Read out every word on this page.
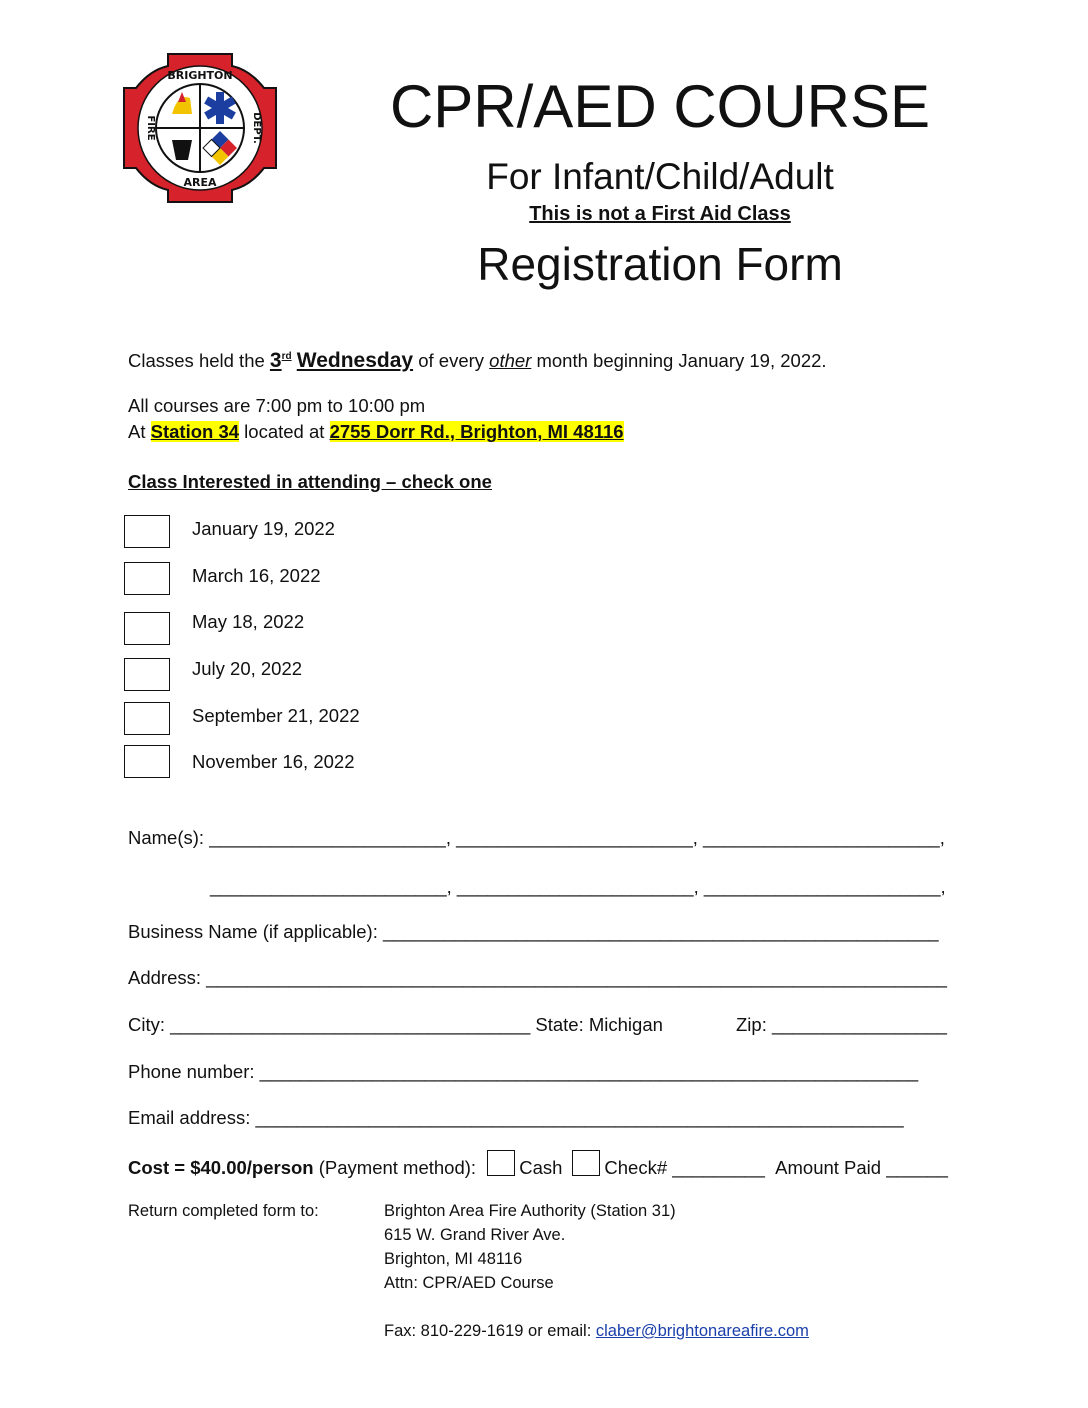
BRIGHTON
AREA
FIRE	DEPT.	CPR/AED COURSE
For Infant/Child/Adult
This is not a First Aid Class
Registration Form
Classes held the 3rd Wednesday of every other month beginning January 19, 2022.
All courses are 7:00 pm to 10:00 pm
At Station 34 located at 2755 Dorr Rd., Brighton, MI 48116
Class Interested in attending – check one
January 19, 2022
March 16, 2022
May 18, 2022
July 20, 2022
September 21, 2022
November 16, 2022
Name(s): _______________________, _______________________, _______________________,
_______________________, _______________________, _______________________,
Business Name (if applicable): ______________________________________________________
Address: ________________________________________________________________________
City: ___________________________________ State: Michigan	Zip: _________________
Phone number: ________________________________________________________________
Email address: _______________________________________________________________
Cost = $40.00/person (Payment method): Cash Check# _________ Amount Paid ______
Return completed form to:	Brighton Area Fire Authority (Station 31)
615 W. Grand River Ave.
Brighton, MI 48116
Attn: CPR/AED Course
Fax: 810-229-1619 or email: claber@brightonareafire.com
